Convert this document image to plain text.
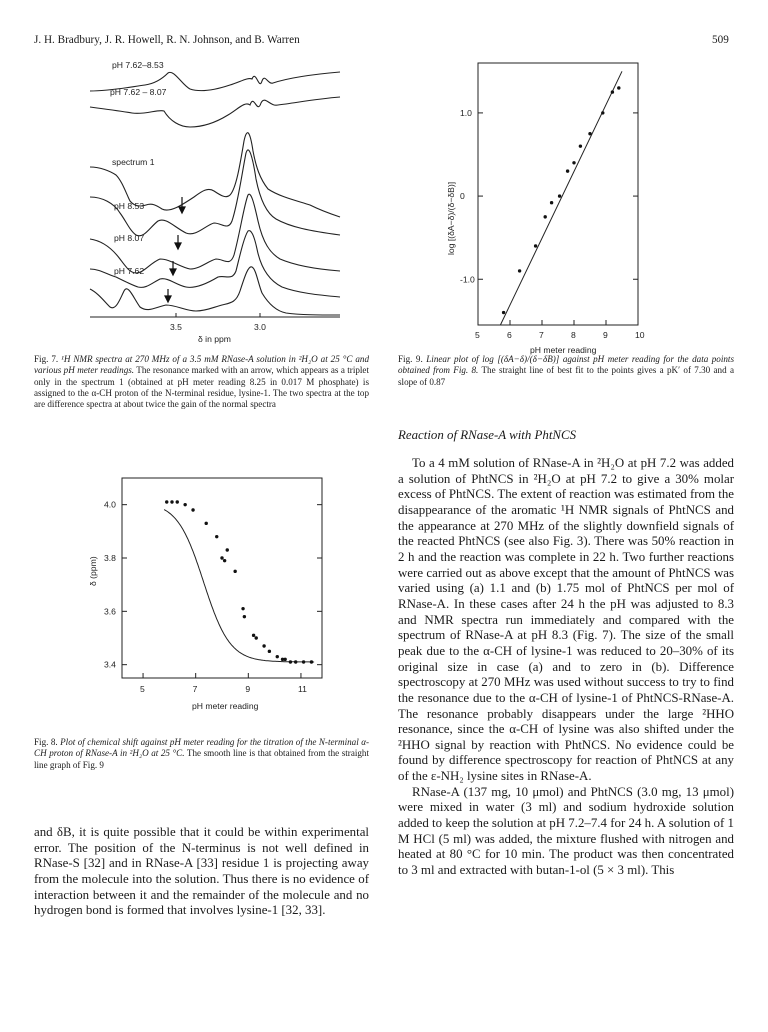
J. H. Bradbury, J. R. Howell, R. N. Johnson, and B. Warren	509
pH 7.62–8.53
pH 7.62 – 8.07
spectrum 1
pH 8.53
pH 8.07
pH 7.62
3.5	3.0
δ in ppm
Fig. 7. ¹H NMR spectra at 270 MHz of a 3.5 mM RNase-A solution in ²H₂O at 25 °C and various pH meter readings. The resonance marked with an arrow, which appears as a triplet only in the spectrum 1 (obtained at pH meter reading 8.25 in 0.017 M phosphate) is assigned to the α-CH proton of the N-terminal residue, lysine-1. The two spectra at the top are difference spectra at about twice the gain of the normal spectra
5	7	9	11
4.0
3.8
3.6
3.4
δ (ppm)
pH meter reading
Fig. 8. Plot of chemical shift against pH meter reading for the titration of the N-terminal α-CH proton of RNase-A in ²H₂O at 25 °C. The smooth line is that obtained from the straight line graph of Fig. 9

and δB, it is quite possible that it could be within experimental error. The position of the N-terminus is not well defined in RNase-S [32] and in RNase-A [33] residue 1 is projecting away from the molecule into the solution. Thus there is no evidence of interaction between it and the remainder of the molecule and no hydrogen bond is formed that involves lysine-1 [32, 33].

5	6	7	8	9	10
1.0
0
-1.0
log [(δA−δ)/(δ−δB)]
pH meter reading
Fig. 9. Linear plot of log [(δA−δ)/(δ−δB)] against pH meter reading for the data points obtained from Fig. 8. The straight line of best fit to the points gives a pK′ of 7.30 and a slope of 0.87
Reaction of RNase-A with PhtNCS

To a 4 mM solution of RNase-A in ²H₂O at pH 7.2 was added a solution of PhtNCS in ²H₂O at pH 7.2 to give a 30% molar excess of PhtNCS. The extent of reaction was estimated from the disappearance of the aromatic ¹H NMR signals of PhtNCS and the appearance at 270 MHz of the slightly downfield signals of the reacted PhtNCS (see also Fig. 3). There was 50% reaction in 2 h and the reaction was complete in 22 h. Two further reactions were carried out as above except that the amount of PhtNCS was varied using (a) 1.1 and (b) 1.75 mol of PhtNCS per mol of RNase-A. In these cases after 24 h the pH was adjusted to 8.3 and NMR spectra run immediately and compared with the spectrum of RNase-A at pH 8.3 (Fig. 7). The size of the small peak due to the α-CH of lysine-1 was reduced to 20–30% of its original size in case (a) and to zero in (b). Difference spectroscopy at 270 MHz was used without success to try to find the resonance due to the α-CH of lysine-1 of PhtNCS-RNase-A. The resonance probably disappears under the large ²HHO resonance, since the α-CH of lysine was also shifted under the ²HHO signal by reaction with PhtNCS. No evidence could be found by difference spectroscopy for reaction of PhtNCS at any of the ε-NH₂ lysine sites in RNase-A.

RNase-A (137 mg, 10 μmol) and PhtNCS (3.0 mg, 13 μmol) were mixed in water (3 ml) and sodium hydroxide solution added to keep the solution at pH 7.2–7.4 for 24 h. A solution of 1 M HCl (5 ml) was added, the mixture flushed with nitrogen and heated at 80 °C for 10 min. The product was then concentrated to 3 ml and extracted with butan-1-ol (5 × 3 ml). This
